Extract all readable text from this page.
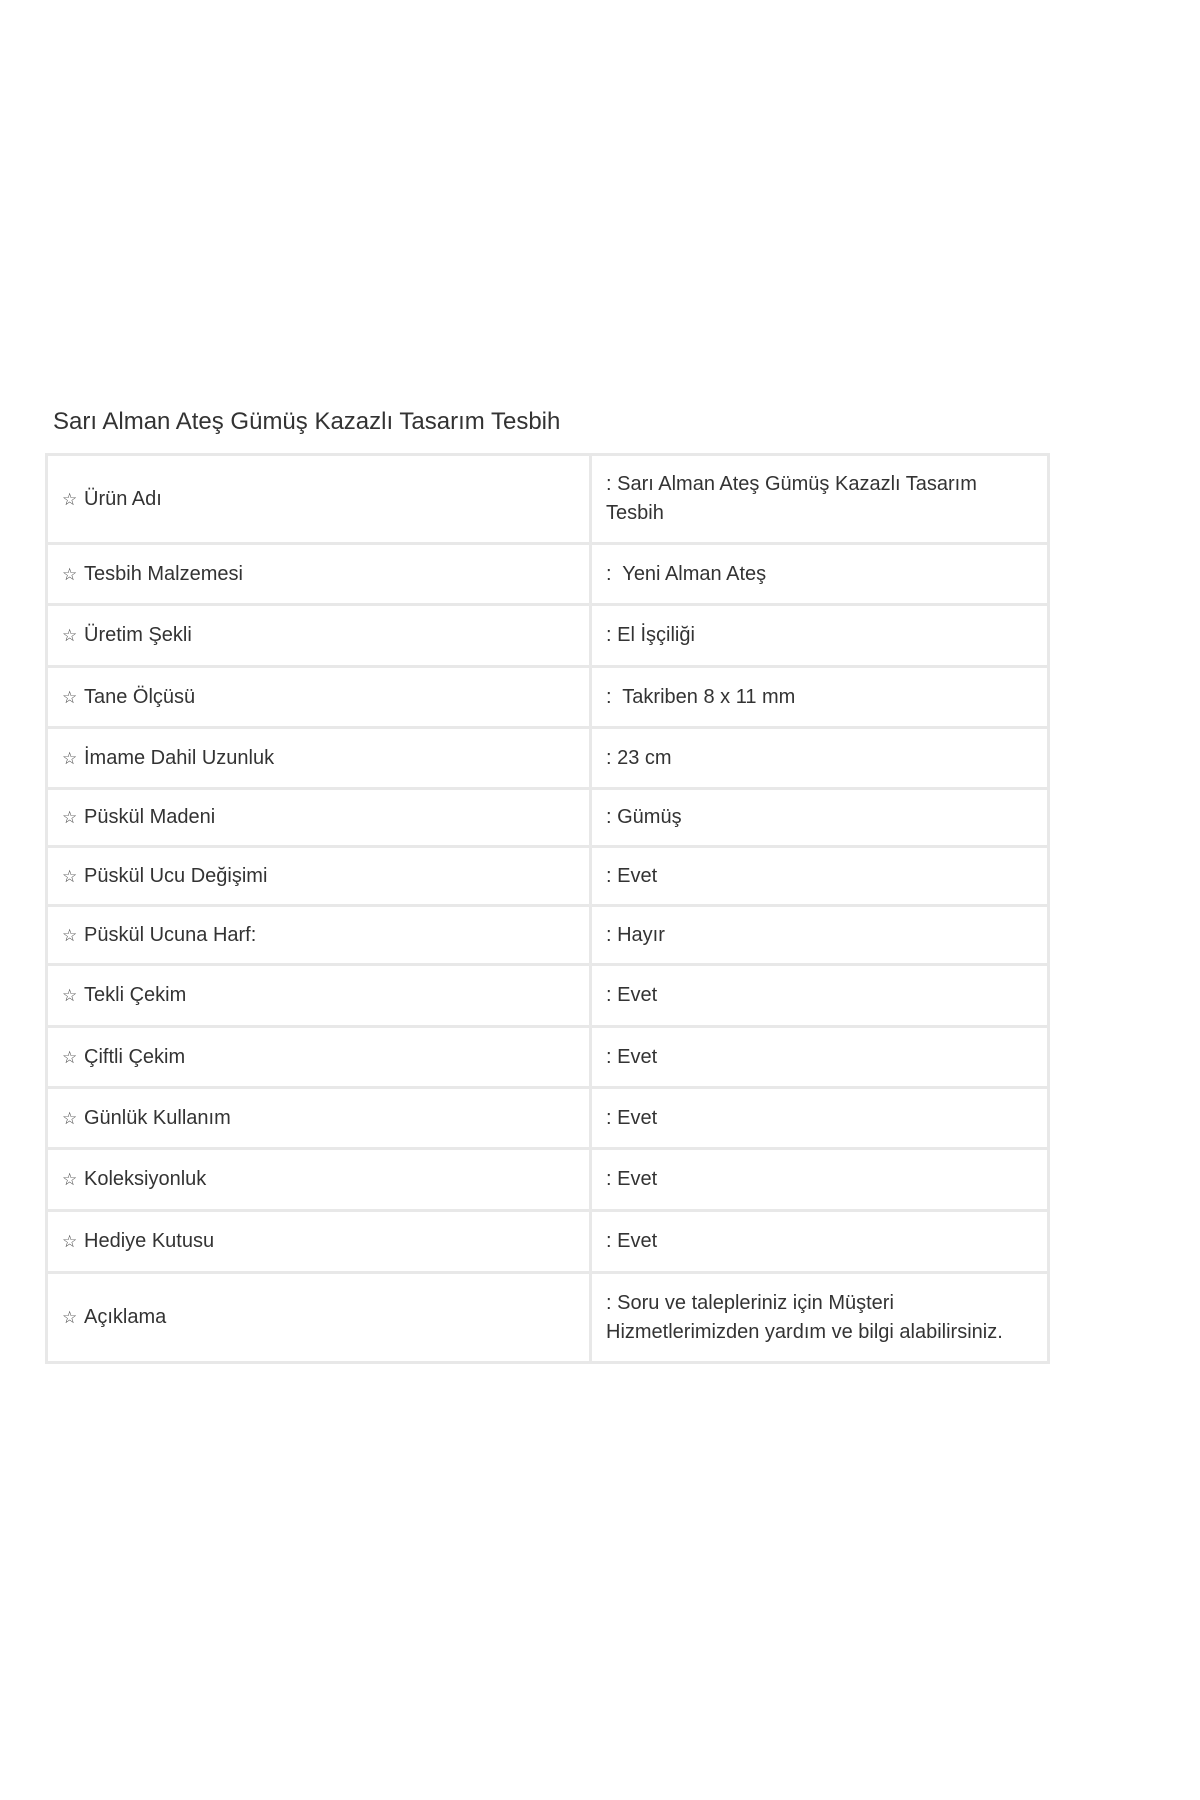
Sarı Alman Ateş Gümüş Kazazlı Tasarım Tesbih
☆ Ürün Adı	: Sarı Alman Ateş Gümüş Kazazlı Tasarım Tesbih
☆ Tesbih Malzemesi	:  Yeni Alman Ateş
☆ Üretim Şekli	: El İşçiliği
☆ Tane Ölçüsü	:  Takriben 8 x 11 mm
☆ İmame Dahil Uzunluk	: 23 cm
☆ Püskül Madeni	: Gümüş
☆ Püskül Ucu Değişimi	: Evet
☆ Püskül Ucuna Harf:	: Hayır
☆ Tekli Çekim	: Evet
☆ Çiftli Çekim	: Evet
☆ Günlük Kullanım	: Evet
☆ Koleksiyonluk	: Evet
☆ Hediye Kutusu	: Evet
☆ Açıklama	: Soru ve talepleriniz için Müşteri Hizmetlerimizden yardım ve bilgi alabilirsiniz.
